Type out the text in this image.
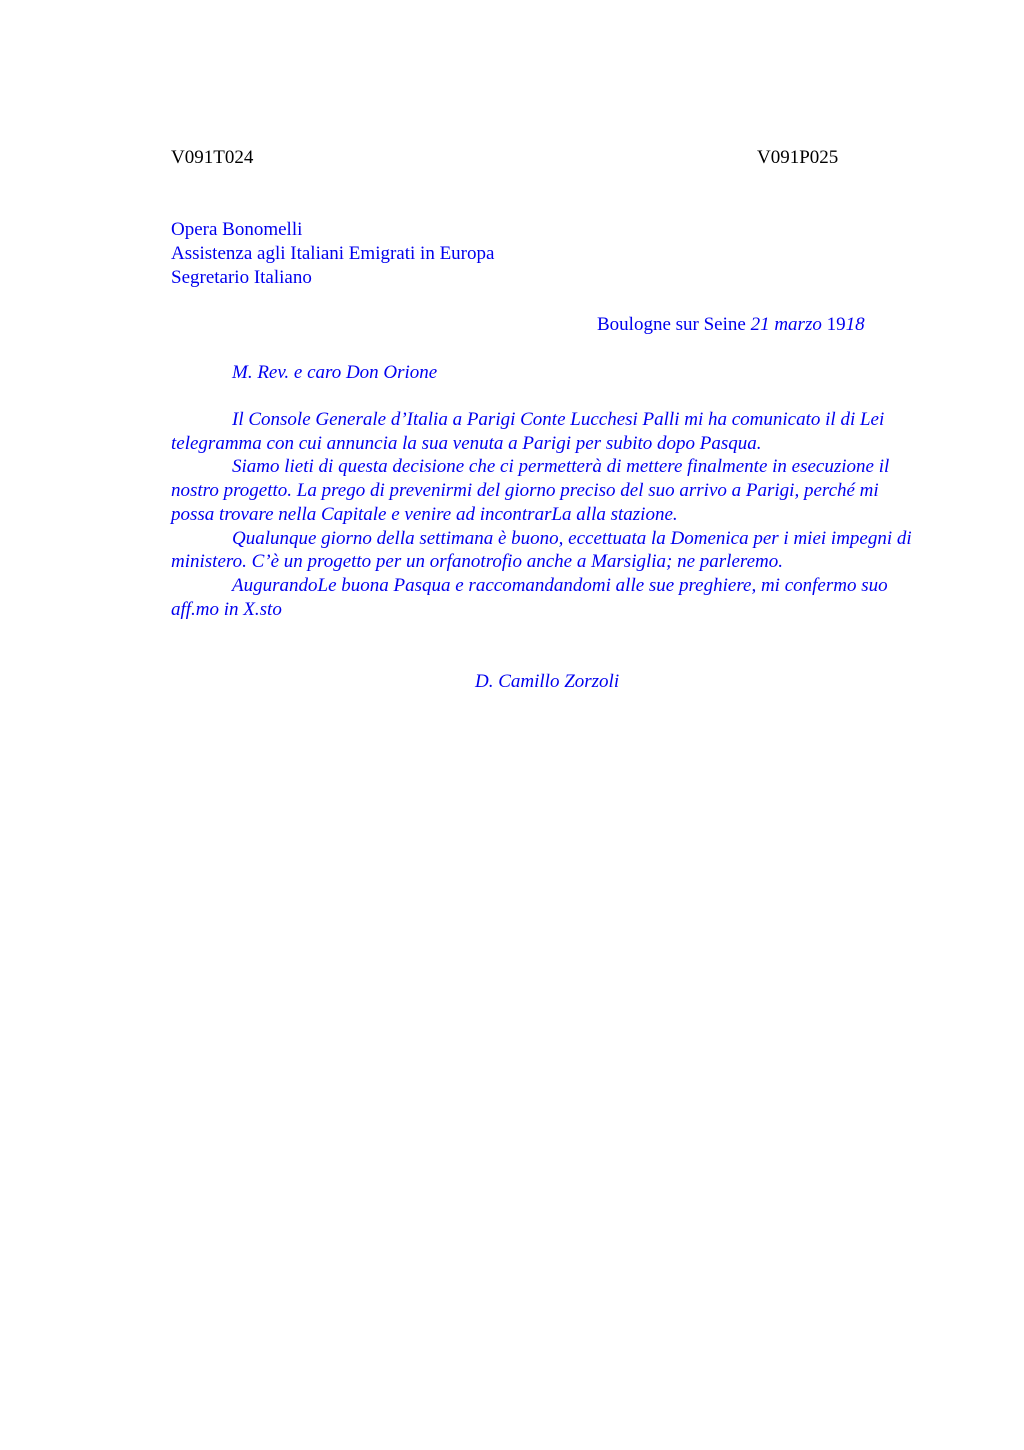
V091T024	V091P025
Opera Bonomelli
Assistenza agli Italiani Emigrati in Europa
Segretario Italiano
Boulogne sur Seine 21 marzo 1918
M. Rev. e caro Don Orione

Il Console Generale d’Italia a Parigi Conte Lucchesi Palli mi ha comunicato il di Lei telegramma con cui annuncia la sua venuta a Parigi per subito dopo Pasqua.

Siamo lieti di questa decisione che ci permetterà di mettere finalmente in esecuzione il nostro progetto. La prego di prevenirmi del giorno preciso del suo arrivo a Parigi, perché mi possa trovare nella Capitale e venire ad incontrarLa alla stazione.

Qualunque giorno della settimana è buono, eccettuata la Domenica per i miei impegni di ministero. C’è un progetto per un orfanotrofio anche a Marsiglia; ne parleremo.

AugurandoLe buona Pasqua e raccomandandomi alle sue preghiere, mi confermo suo aff.mo in X.sto

D. Camillo Zorzoli
